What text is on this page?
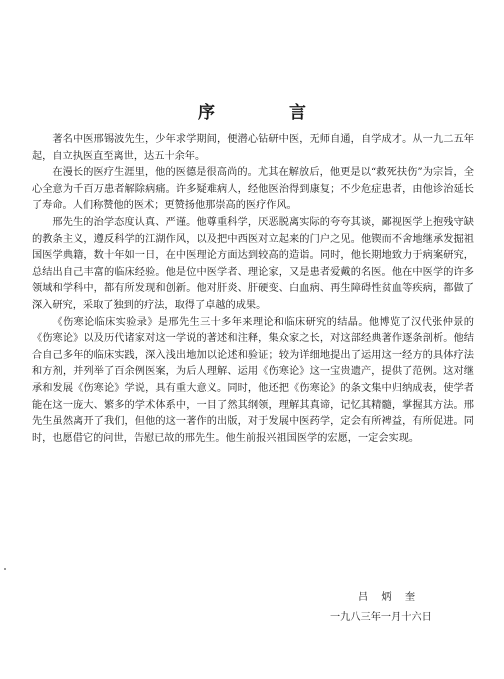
序 言

著名中医邢锡波先生，少年求学期间，便潜心钻研中医，无师自通，自学成才。从一九二五年起，自立执医直至离世，达五十余年。

在漫长的医疗生涯里，他的医德是很高尚的。尤其在解放后，他更是以“救死扶伤”为宗旨，全心全意为千百万患者解除病痛。许多疑难病人，经他医治得到康复；不少危症患者，由他诊治延长了寿命。人们称赞他的医术；更赞扬他那崇高的医疗作风。

邢先生的治学态度认真、严谨。他尊重科学，厌恶脱离实际的夸夸其谈，鄙视医学上抱残守缺的教条主义，遵反科学的江湖作风，以及把中西医对立起来的门户之见。他锲而不舍地继承发掘祖国医学典籍，数十年如一日，在中医理论方面达到较高的造诣。同时，他长期地致力于病案研究，总结出自己丰富的临床经验。他是位中医学者、理论家，又是患者爱戴的名医。他在中医学的许多领域和学科中，都有所发现和创新。他对肝炎、肝硬变、白血病、再生障碍性贫血等疾病，都做了深入研究，采取了独到的疗法，取得了卓越的成果。

《伤寒论临床实验录》是邢先生三十多年来理论和临床研究的结晶。他博览了汉代张仲景的《伤寒论》以及历代诸家对这一学说的著述和注释，集众家之长，对这部经典著作逐条剖析。他结合自己多年的临床实践，深入浅出地加以论述和验证；较为详细地提出了运用这一经方的具体疗法和方剂，并列举了百余例医案，为后人理解、运用《伤寒论》这一宝贵遗产，提供了范例。这对继承和发展《伤寒论》学说，具有重大意义。同时，他还把《伤寒论》的条文集中归纳成表，使学者能在这一庞大、繁多的学术体系中，一目了然其纲领，理解其真谛，记忆其精髓，掌握其方法。邢先生虽然离开了我们，但他的这一著作的出版，对于发展中医药学，定会有所裨益，有所促进。同时，也愿借它的问世，告慰已故的邢先生。他生前报兴祖国医学的宏愿，一定会实现。

吕 炳 奎
一九八三年一月十六日
